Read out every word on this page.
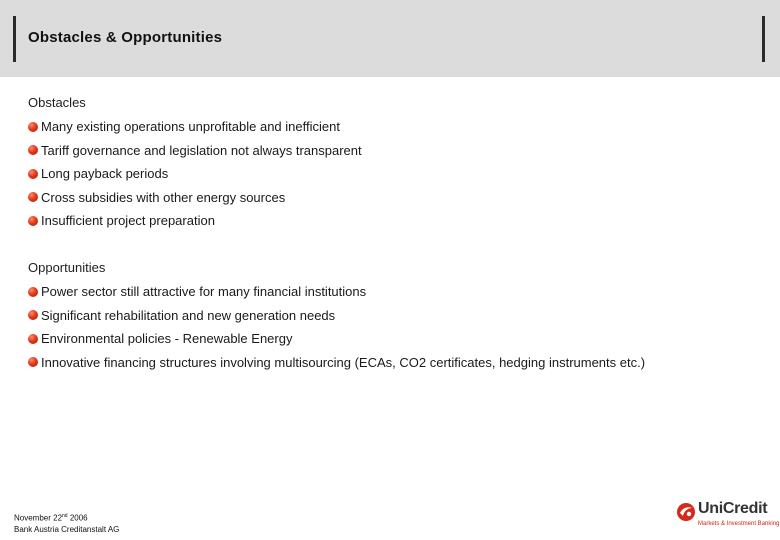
Obstacles & Opportunities
Obstacles
Many existing operations unprofitable and inefficient
Tariff governance and legislation not always transparent
Long payback periods
Cross subsidies with other energy sources
Insufficient project preparation
Opportunities
Power sector still attractive for many financial institutions
Significant rehabilitation and new generation needs
Environmental policies - Renewable Energy
Innovative financing structures involving multisourcing (ECAs, CO2 certificates, hedging instruments etc.)
November 22nd 2006
Bank Austria Creditanstalt AG
UniCredit
Markets & Investment Banking
